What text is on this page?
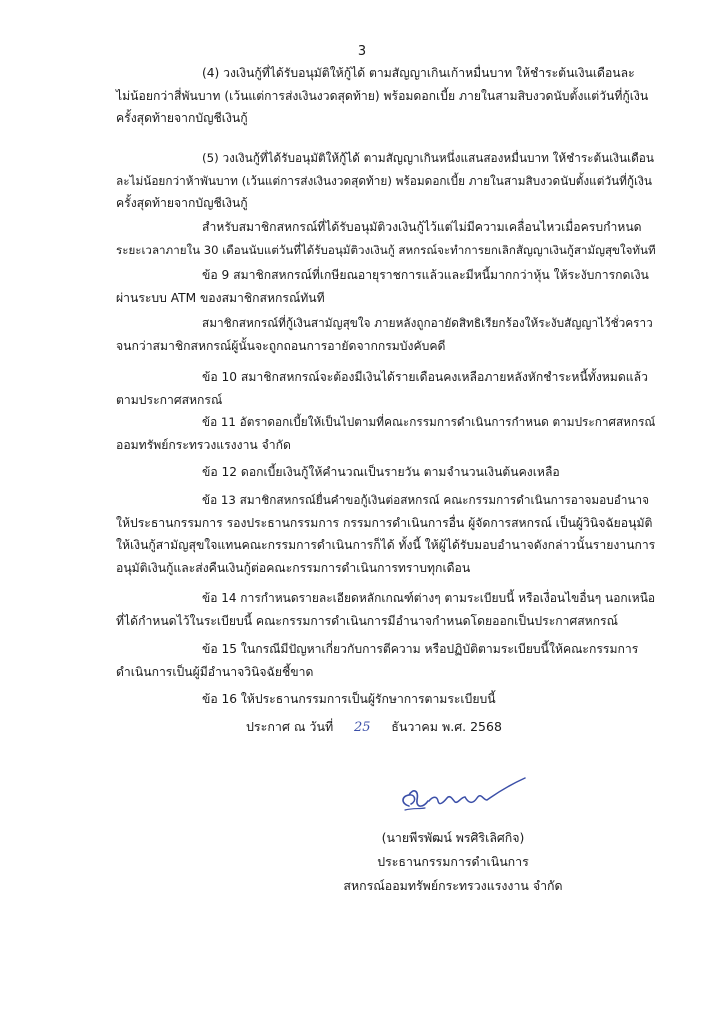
3
(4) วงเงินกู้ที่ได้รับอนุมัติให้กู้ได้ ตามสัญญาเกินเก้าหมื่นบาท ให้ชำระต้นเงินเดือนละ
ไม่น้อยกว่าสี่พันบาท (เว้นแต่การส่งเงินงวดสุดท้าย) พร้อมดอกเบี้ย ภายในสามสิบงวดนับตั้งแต่วันที่กู้เงิน
ครั้งสุดท้ายจากบัญชีเงินกู้
(5) วงเงินกู้ที่ได้รับอนุมัติให้กู้ได้ ตามสัญญาเกินหนึ่งแสนสองหมื่นบาท ให้ชำระต้นเงินเดือน
ละไม่น้อยกว่าห้าพันบาท (เว้นแต่การส่งเงินงวดสุดท้าย) พร้อมดอกเบี้ย ภายในสามสิบงวดนับตั้งแต่วันที่กู้เงิน
ครั้งสุดท้ายจากบัญชีเงินกู้
สำหรับสมาชิกสหกรณ์ที่ได้รับอนุมัติวงเงินกู้ไว้แต่ไม่มีความเคลื่อนไหวเมื่อครบกำหนด
ระยะเวลาภายใน 30 เดือนนับแต่วันที่ได้รับอนุมัติวงเงินกู้ สหกรณ์จะทำการยกเลิกสัญญาเงินกู้สามัญสุขใจทันที
ข้อ 9 สมาชิกสหกรณ์ที่เกษียณอายุราชการแล้วและมีหนี้มากกว่าหุ้น ให้ระงับการกดเงิน
ผ่านระบบ ATM ของสมาชิกสหกรณ์ทันที
สมาชิกสหกรณ์ที่กู้เงินสามัญสุขใจ ภายหลังถูกอายัดสิทธิเรียกร้องให้ระงับสัญญาไว้ชั่วคราว
จนกว่าสมาชิกสหกรณ์ผู้นั้นจะถูกถอนการอายัดจากกรมบังคับคดี
ข้อ 10 สมาชิกสหกรณ์จะต้องมีเงินได้รายเดือนคงเหลือภายหลังหักชำระหนี้ทั้งหมดแล้ว
ตามประกาศสหกรณ์
ข้อ 11 อัตราดอกเบี้ยให้เป็นไปตามที่คณะกรรมการดำเนินการกำหนด ตามประกาศสหกรณ์
ออมทรัพย์กระทรวงแรงงาน จำกัด
ข้อ 12 ดอกเบี้ยเงินกู้ให้คำนวณเป็นรายวัน ตามจำนวนเงินต้นคงเหลือ
ข้อ 13 สมาชิกสหกรณ์ยื่นคำขอกู้เงินต่อสหกรณ์ คณะกรรมการดำเนินการอาจมอบอำนาจ
ให้ประธานกรรมการ รองประธานกรรมการ กรรมการดำเนินการอื่น ผู้จัดการสหกรณ์ เป็นผู้วินิจฉัยอนุมัติ
ให้เงินกู้สามัญสุขใจแทนคณะกรรมการดำเนินการก็ได้ ทั้งนี้ ให้ผู้ได้รับมอบอำนาจดังกล่าวนั้นรายงานการ
อนุมัติเงินกู้และส่งคืนเงินกู้ต่อคณะกรรมการดำเนินการทราบทุกเดือน
ข้อ 14 การกำหนดรายละเอียดหลักเกณฑ์ต่างๆ ตามระเบียบนี้ หรือเงื่อนไขอื่นๆ นอกเหนือ
ที่ได้กำหนดไว้ในระเบียบนี้ คณะกรรมการดำเนินการมีอำนาจกำหนดโดยออกเป็นประกาศสหกรณ์
ข้อ 15 ในกรณีมีปัญหาเกี่ยวกับการตีความ หรือปฏิบัติตามระเบียบนี้ให้คณะกรรมการ
ดำเนินการเป็นผู้มีอำนาจวินิจฉัยชี้ขาด
ข้อ 16 ให้ประธานกรรมการเป็นผู้รักษาการตามระเบียบนี้
ประกาศ ณ วันที่ 25 ธันวาคม พ.ศ. 2568
(นายพีรพัฒน์ พรศิริเลิศกิจ)
ประธานกรรมการดำเนินการ
สหกรณ์ออมทรัพย์กระทรวงแรงงาน จำกัด
